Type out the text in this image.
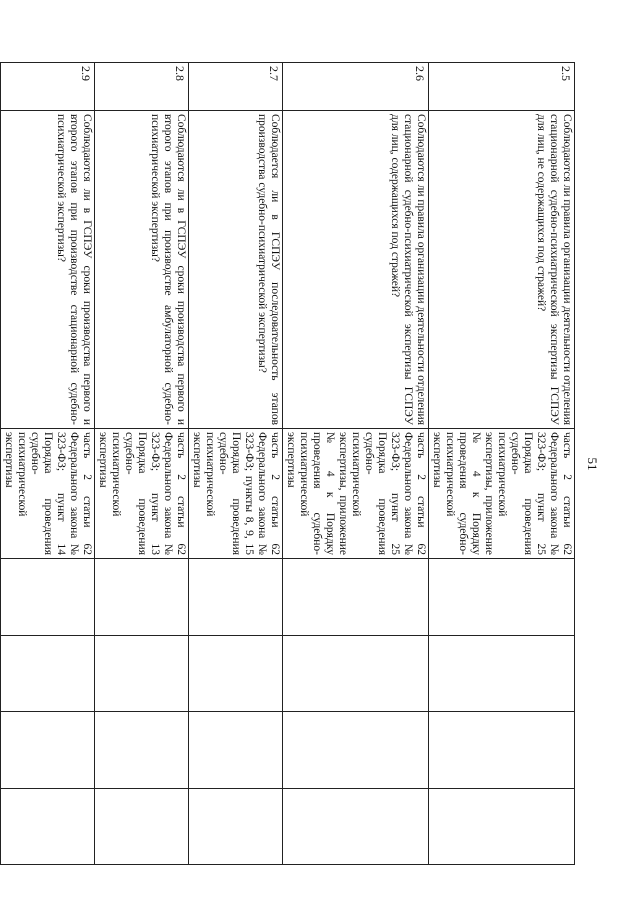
51
2.5	Соблюдаются ли правила организации деятельности отделения стационарной судебно-психиатрической экспертизы ГСПЭУ для лиц, не содержащихся под стражей?	часть 2 статьи 62 Федерального закона № 323-ФЗ; пункт 25 Порядка проведения судебно-психиатрической экспертизы, приложение № 4 к Порядку проведения судебно-психиатрической экспертизы				
2.6	Соблюдаются ли правила организации деятельности отделения стационарной судебно-психиатрической экспертизы ГСПЭУ для лиц, содержащихся под стражей?	часть 2 статьи 62 Федерального закона № 323-ФЗ; пункт 25 Порядка проведения судебно-психиатрической экспертизы, приложение № 4 к Порядку проведения судебно-психиатрической экспертизы				
2.7	Соблюдается ли в ГСПЭУ последовательность этапов производства судебно-психиатрической экспертизы?	часть 2 статьи 62 Федерального закона № 323-ФЗ; пункты 8, 9, 15 Порядка проведения судебно-психиатрической экспертизы				
2.8	Соблюдаются ли в ГСПЭУ сроки производства первого и второго этапов при производстве амбулаторной судебно-психиатрической экспертизы?	часть 2 статьи 62 Федерального закона № 323-ФЗ; пункт 13 Порядка проведения судебно-психиатрической экспертизы				
2.9	Соблюдаются ли в ГСПЭУ сроки производства первого и второго этапов при производстве стационарной судебно-психиатрической экспертизы?	часть 2 статьи 62 Федерального закона № 323-ФЗ; пункт 14 Порядка проведения судебно-психиатрической экспертизы				
